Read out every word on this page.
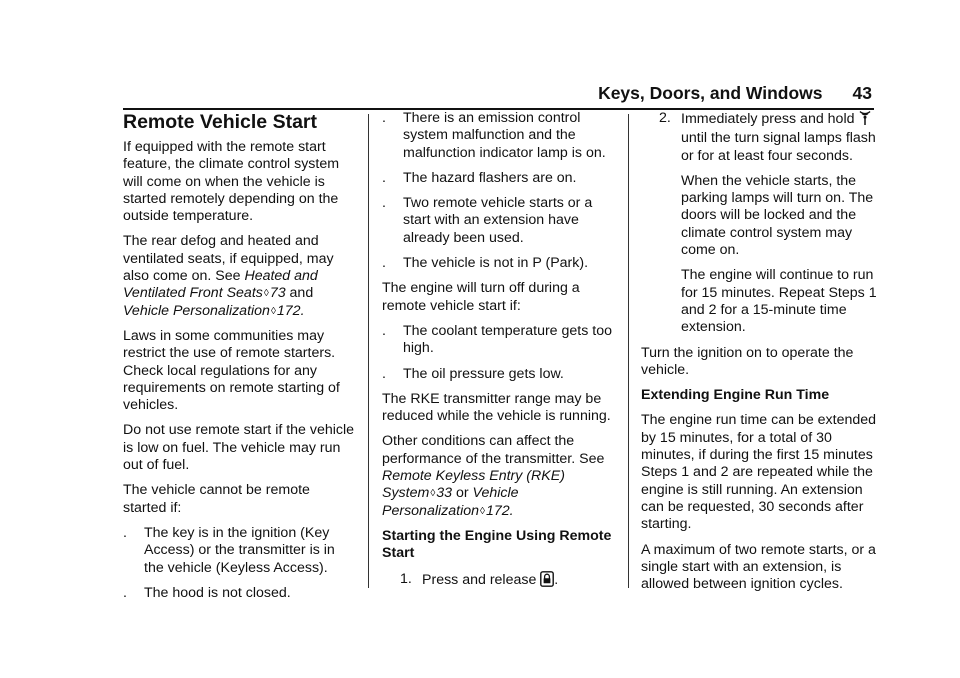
Keys, Doors, and Windows 43
Remote Vehicle Start

If equipped with the remote start feature, the climate control system will come on when the vehicle is started remotely depending on the outside temperature.

The rear defog and heated and ventilated seats, if equipped, may also come on. See Heated and Ventilated Front Seats◊73 and Vehicle Personalization◊172.

Laws in some communities may restrict the use of remote starters. Check local regulations for any requirements on remote starting of vehicles.

Do not use remote start if the vehicle is low on fuel. The vehicle may run out of fuel.

The vehicle cannot be remote started if:

. The key is in the ignition (Key Access) or the transmitter is in the vehicle (Keyless Access).

. The hood is not closed.

. There is an emission control system malfunction and the malfunction indicator lamp is on.

. The hazard flashers are on.

. Two remote vehicle starts or a start with an extension have already been used.

. The vehicle is not in P (Park).

The engine will turn off during a remote vehicle start if:

. The coolant temperature gets too high.

. The oil pressure gets low.

The RKE transmitter range may be reduced while the vehicle is running.

Other conditions can affect the performance of the transmitter. See Remote Keyless Entry (RKE) System◊33 or Vehicle Personalization◊172.

Starting the Engine Using Remote Start

1. Press and release
.

2. Immediately press and hold

until the turn signal lamps flash or for at least four seconds.

When the vehicle starts, the parking lamps will turn on. The doors will be locked and the climate control system may come on.

The engine will continue to run for 15 minutes. Repeat Steps 1 and 2 for a 15-minute time extension.

Turn the ignition on to operate the vehicle.

Extending Engine Run Time

The engine run time can be extended by 15 minutes, for a total of 30 minutes, if during the first 15 minutes Steps 1 and 2 are repeated while the engine is still running. An extension can be requested, 30 seconds after starting.

A maximum of two remote starts, or a single start with an extension, is allowed between ignition cycles.
